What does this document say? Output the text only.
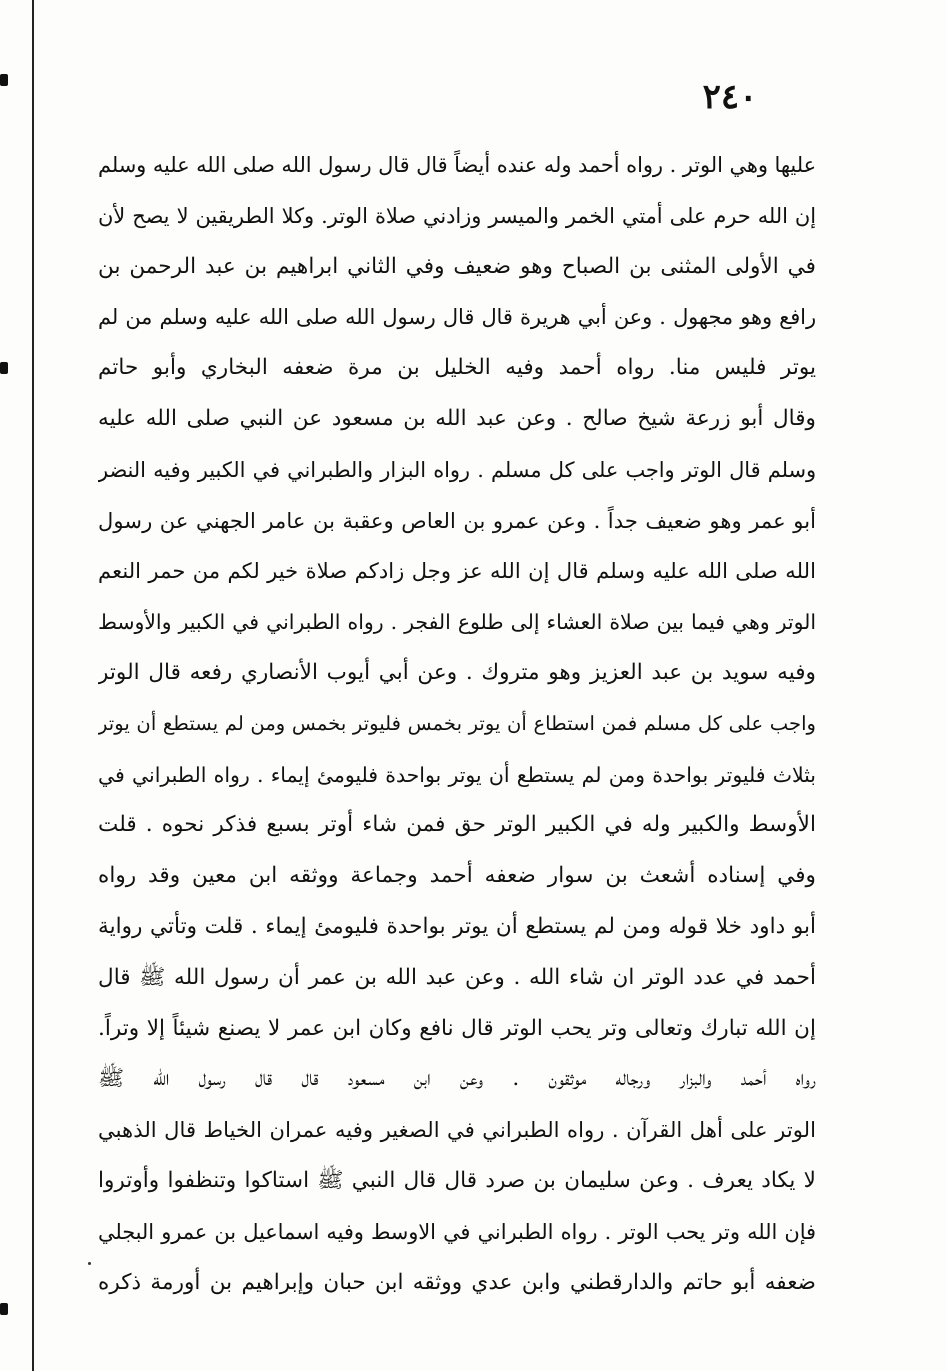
٢٤٠
عليها وهي الوتر . رواه أحمد وله عنده أيضاً قال قال رسول الله صلى الله عليه وسلم
إن الله حرم على أمتي الخمر والميسر وزادني صلاة الوتر. وكلا الطريقين لا يصح لأن
في الأولى المثنى بن الصباح وهو ضعيف وفي الثاني ابراهيم بن عبد الرحمن بن
رافع وهو مجهول . وعن أبي هريرة قال قال رسول الله صلى الله عليه وسلم من لم
يوتر فليس منا. رواه أحمد وفيه الخليل بن مرة ضعفه البخاري وأبو حاتم
وقال أبو زرعة شيخ صالح . وعن عبد الله بن مسعود عن النبي صلى الله عليه
وسلم قال الوتر واجب على كل مسلم . رواه البزار والطبراني في الكبير وفيه النضر
أبو عمر وهو ضعيف جداً . وعن عمرو بن العاص وعقبة بن عامر الجهني عن رسول
الله صلى الله عليه وسلم قال إن الله عز وجل زادكم صلاة خير لكم من حمر النعم
الوتر وهي فيما بين صلاة العشاء إلى طلوع الفجر . رواه الطبراني في الكبير والأوسط
وفيه سويد بن عبد العزيز وهو متروك . وعن أبي أيوب الأنصاري رفعه قال الوتر
واجب على كل مسلم فمن استطاع أن يوتر بخمس فليوتر بخمس ومن لم يستطع أن يوتر
بثلاث فليوتر بواحدة ومن لم يستطع أن يوتر بواحدة فليومئ إيماء . رواه الطبراني في
الأوسط والكبير وله في الكبير الوتر حق فمن شاء أوتر بسبع فذكر نحوه . قلت
وفي إسناده أشعث بن سوار ضعفه أحمد وجماعة ووثقه ابن معين وقد رواه
أبو داود خلا قوله ومن لم يستطع أن يوتر بواحدة فليومئ إيماء . قلت وتأتي رواية
أحمد في عدد الوتر ان شاء الله . وعن عبد الله بن عمر أن رسول الله ﷺ قال
إن الله تبارك وتعالى وتر يحب الوتر قال نافع وكان ابن عمر لا يصنع شيئاً إلا وتراً.
رواه أحمد والبزار ورجاله موثقون . وعن ابن مسعود قال قال رسول الله ﷺ
الوتر على أهل القرآن . رواه الطبراني في الصغير وفيه عمران الخياط قال الذهبي
لا يكاد يعرف . وعن سليمان بن صرد قال قال النبي ﷺ استاكوا وتنظفوا وأوتروا
فإن الله وتر يحب الوتر . رواه الطبراني في الاوسط وفيه اسماعيل بن عمرو البجلي
ضعفه أبو حاتم والدارقطني وابن عدي ووثقه ابن حبان وإبراهيم بن أورمة ذكره
